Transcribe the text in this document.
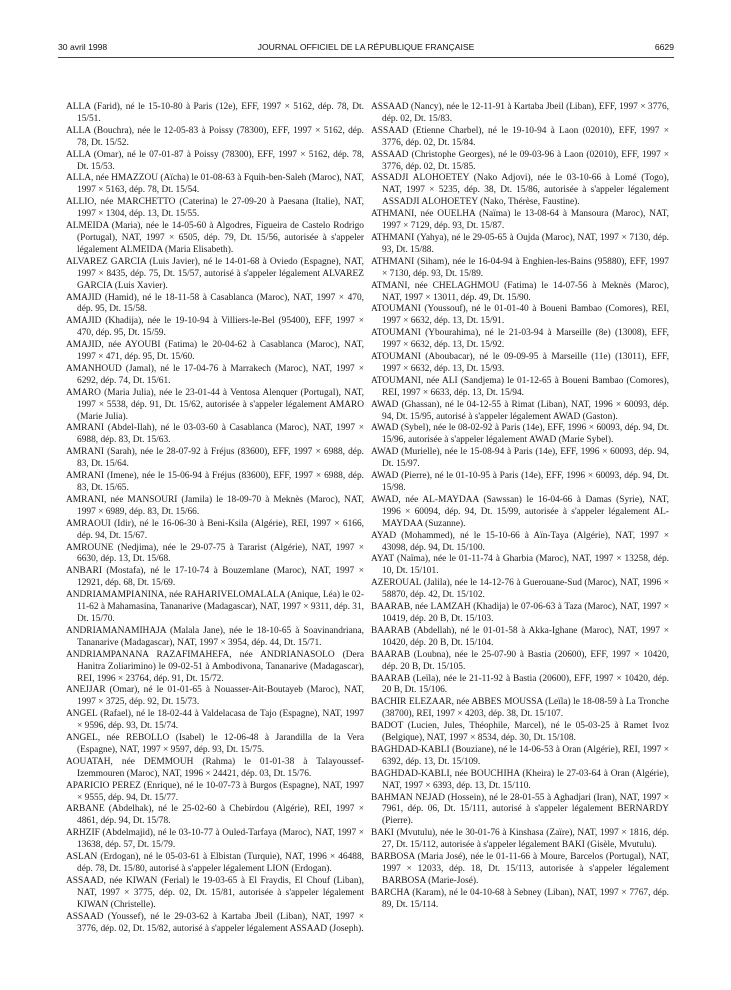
30 avril 1998	JOURNAL OFFICIEL DE LA RÉPUBLIQUE FRANÇAISE	6629

ALLA (Farid), né le 15-10-80 à Paris (12e), EFF, 1997 × 5162, dép. 78, Dt. 15/51.

ALLA (Bouchra), née le 12-05-83 à Poissy (78300), EFF, 1997 × 5162, dép. 78, Dt. 15/52.

ALLA (Omar), né le 07-01-87 à Poissy (78300), EFF, 1997 × 5162, dép. 78, Dt. 15/53.

ALLA, née HMAZZOU (Aïcha) le 01-08-63 à Fquih-ben-Saleh (Maroc), NAT, 1997 × 5163, dép. 78, Dt. 15/54.

ALLIO, née MARCHETTO (Caterina) le 27-09-20 à Paesana (Italie), NAT, 1997 × 1304, dép. 13, Dt. 15/55.

ALMEIDA (Maria), née le 14-05-60 à Algodres, Figueira de Castelo Rodrigo (Portugal), NAT, 1997 × 6505, dép. 79, Dt. 15/56, autorisée à s'appeler légalement ALMEIDA (Maria Elisabeth).

ALVAREZ GARCIA (Luis Javier), né le 14-01-68 à Oviedo (Espagne), NAT, 1997 × 8435, dép. 75, Dt. 15/57, autorisé à s'appeler légalement ALVAREZ GARCIA (Luis Xavier).

AMAJID (Hamid), né le 18-11-58 à Casablanca (Maroc), NAT, 1997 × 470, dép. 95, Dt. 15/58.

AMAJID (Khadija), née le 19-10-94 à Villiers-le-Bel (95400), EFF, 1997 × 470, dép. 95, Dt. 15/59.

AMAJID, née AYOUBI (Fatima) le 20-04-62 à Casablanca (Maroc), NAT, 1997 × 471, dép. 95, Dt. 15/60.

AMANHOUD (Jamal), né le 17-04-76 à Marrakech (Maroc), NAT, 1997 × 6292, dép. 74, Dt. 15/61.

AMARO (Maria Julia), née le 23-01-44 à Ventosa Alenquer (Portugal), NAT, 1997 × 5538, dép. 91, Dt. 15/62, autorisée à s'appeler légalement AMARO (Marie Julia).

AMRANI (Abdel-Ilah), né le 03-03-60 à Casablanca (Maroc), NAT, 1997 × 6988, dép. 83, Dt. 15/63.

AMRANI (Sarah), née le 28-07-92 à Fréjus (83600), EFF, 1997 × 6988, dép. 83, Dt. 15/64.

AMRANI (Imene), née le 15-06-94 à Fréjus (83600), EFF, 1997 × 6988, dép. 83, Dt. 15/65.

AMRANI, née MANSOURI (Jamila) le 18-09-70 à Meknès (Maroc), NAT, 1997 × 6989, dép. 83, Dt. 15/66.

AMRAOUI (Idir), né le 16-06-30 à Beni-Ksila (Algérie), REI, 1997 × 6166, dép. 94, Dt. 15/67.

AMROUNE (Nedjima), née le 29-07-75 à Tararist (Algérie), NAT, 1997 × 6630, dép. 13, Dt. 15/68.

ANBARI (Mostafa), né le 17-10-74 à Bouzemlane (Maroc), NAT, 1997 × 12921, dép. 68, Dt. 15/69.

ANDRIAMAMPIANINA, née RAHARIVELOMALALA (Anique, Léa) le 02-11-62 à Mahamasina, Tananarive (Madagascar), NAT, 1997 × 9311, dép. 31, Dt. 15/70.

ANDRIAMANAMIHAJA (Malala Jane), née le 18-10-65 à Soavinandriana, Tananarive (Madagascar), NAT, 1997 × 3954, dép. 44, Dt. 15/71.

ANDRIAMPANANA RAZAFIMAHEFA, née ANDRIANASOLO (Dera Hanitra Zoliarimino) le 09-02-51 à Ambodivona, Tananarive (Madagascar), REI, 1996 × 23764, dép. 91, Dt. 15/72.

ANEJJAR (Omar), né le 01-01-65 à Nouasser-Ait-Boutayeb (Maroc), NAT, 1997 × 3725, dép. 92, Dt. 15/73.

ANGEL (Rafael), né le 18-02-44 à Valdelacasa de Tajo (Espagne), NAT, 1997 × 9596, dép. 93, Dt. 15/74.

ANGEL, née REBOLLO (Isabel) le 12-06-48 à Jarandilla de la Vera (Espagne), NAT, 1997 × 9597, dép. 93, Dt. 15/75.

AOUATAH, née DEMMOUH (Rahma) le 01-01-38 à Talayoussef-Izemmouren (Maroc), NAT, 1996 × 24421, dép. 03, Dt. 15/76.

APARICIO PEREZ (Enrique), né le 10-07-73 à Burgos (Espagne), NAT, 1997 × 9555, dép. 94, Dt. 15/77.

ARBANE (Abdelhak), né le 25-02-60 à Chebirdou (Algérie), REI, 1997 × 4861, dép. 94, Dt. 15/78.

ARHZIF (Abdelmajid), né le 03-10-77 à Ouled-Tarfaya (Maroc), NAT, 1997 × 13638, dép. 57, Dt. 15/79.

ASLAN (Erdogan), né le 05-03-61 à Elbistan (Turquie), NAT, 1996 × 46488, dép. 78, Dt. 15/80, autorisé à s'appeler légalement LION (Erdogan).

ASSAAD, née KIWAN (Ferial) le 19-03-65 à El Fraydis, El Chouf (Liban), NAT, 1997 × 3775, dép. 02, Dt. 15/81, autorisée à s'appeler légalement KIWAN (Christelle).

ASSAAD (Youssef), né le 29-03-62 à Kartaba Jbeil (Liban), NAT, 1997 × 3776, dép. 02, Dt. 15/82, autorisé à s'appeler légalement ASSAAD (Joseph).

ASSAAD (Nancy), née le 12-11-91 à Kartaba Jbeil (Liban), EFF, 1997 × 3776, dép. 02, Dt. 15/83.

ASSAAD (Etienne Charbel), né le 19-10-94 à Laon (02010), EFF, 1997 × 3776, dép. 02, Dt. 15/84.

ASSAAD (Christophe Georges), né le 09-03-96 à Laon (02010), EFF, 1997 × 3776, dép. 02, Dt. 15/85.

ASSADJI ALOHOETEY (Nako Adjovi), née le 03-10-66 à Lomé (Togo), NAT, 1997 × 5235, dép. 38, Dt. 15/86, autorisée à s'appeler légalement ASSADJI ALOHOETEY (Nako, Thérèse, Faustine).

ATHMANI, née OUELHA (Naïma) le 13-08-64 à Mansoura (Maroc), NAT, 1997 × 7129, dép. 93, Dt. 15/87.

ATHMANI (Yahya), né le 29-05-65 à Oujda (Maroc), NAT, 1997 × 7130, dép. 93, Dt. 15/88.

ATHMANI (Siham), née le 16-04-94 à Enghien-les-Bains (95880), EFF, 1997 × 7130, dép. 93, Dt. 15/89.

ATMANI, née CHELAGHMOU (Fatima) le 14-07-56 à Meknès (Maroc), NAT, 1997 × 13011, dép. 49, Dt. 15/90.

ATOUMANI (Youssouf), né le 01-01-40 à Boueni Bambao (Comores), REI, 1997 × 6632, dép. 13, Dt. 15/91.

ATOUMANI (Ybourahima), né le 21-03-94 à Marseille (8e) (13008), EFF, 1997 × 6632, dép. 13, Dt. 15/92.

ATOUMANI (Aboubacar), né le 09-09-95 à Marseille (11e) (13011), EFF, 1997 × 6632, dép. 13, Dt. 15/93.

ATOUMANI, née ALI (Sandjema) le 01-12-65 à Boueni Bambao (Comores), REI, 1997 × 6633, dép. 13, Dt. 15/94.

AWAD (Ghassan), né le 04-12-55 à Rimat (Liban), NAT, 1996 × 60093, dép. 94, Dt. 15/95, autorisé à s'appeler légalement AWAD (Gaston).

AWAD (Sybel), née le 08-02-92 à Paris (14e), EFF, 1996 × 60093, dép. 94, Dt. 15/96, autorisée à s'appeler légalement AWAD (Marie Sybel).

AWAD (Murielle), née le 15-08-94 à Paris (14e), EFF, 1996 × 60093, dép. 94, Dt. 15/97.

AWAD (Pierre), né le 01-10-95 à Paris (14e), EFF, 1996 × 60093, dép. 94, Dt. 15/98.

AWAD, née AL-MAYDAA (Sawssan) le 16-04-66 à Damas (Syrie), NAT, 1996 × 60094, dép. 94, Dt. 15/99, autorisée à s'appeler légalement AL-MAYDAA (Suzanne).

AYAD (Mohammed), né le 15-10-66 à Aïn-Taya (Algérie), NAT, 1997 × 43098, dép. 94, Dt. 15/100.

AYAT (Naïma), née le 01-11-74 à Gharbia (Maroc), NAT, 1997 × 13258, dép. 10, Dt. 15/101.

AZEROUAL (Jalila), née le 14-12-76 à Guerouane-Sud (Maroc), NAT, 1996 × 58870, dép. 42, Dt. 15/102.

BAARAB, née LAMZAH (Khadija) le 07-06-63 à Taza (Maroc), NAT, 1997 × 10419, dép. 20 B, Dt. 15/103.

BAARAB (Abdellah), né le 01-01-58 à Akka-Ighane (Maroc), NAT, 1997 × 10420, dép. 20 B, Dt. 15/104.

BAARAB (Loubna), née le 25-07-90 à Bastia (20600), EFF, 1997 × 10420, dép. 20 B, Dt. 15/105.

BAARAB (Leïla), née le 21-11-92 à Bastia (20600), EFF, 1997 × 10420, dép. 20 B, Dt. 15/106.

BACHIR ELEZAAR, née ABBES MOUSSA (Leïla) le 18-08-59 à La Tronche (38700), REI, 1997 × 4203, dép. 38, Dt. 15/107.

BADOT (Lucien, Jules, Théophile, Marcel), né le 05-03-25 à Ramet Ivoz (Belgique), NAT, 1997 × 8534, dép. 30, Dt. 15/108.

BAGHDAD-KABLI (Bouziane), né le 14-06-53 à Oran (Algérie), REI, 1997 × 6392, dép. 13, Dt. 15/109.

BAGHDAD-KABLI, née BOUCHIHA (Kheira) le 27-03-64 à Oran (Algérie), NAT, 1997 × 6393, dép. 13, Dt. 15/110.

BAHMAN NEJAD (Hossein), né le 28-01-55 à Aghadjari (Iran), NAT, 1997 × 7961, dép. 06, Dt. 15/111, autorisé à s'appeler légalement BERNARDY (Pierre).

BAKI (Mvutulu), née le 30-01-76 à Kinshasa (Zaïre), NAT, 1997 × 1816, dép. 27, Dt. 15/112, autorisée à s'appeler légalement BAKI (Gisèle, Mvutulu).

BARBOSA (Maria José), née le 01-11-66 à Moure, Barcelos (Portugal), NAT, 1997 × 12033, dép. 18, Dt. 15/113, autorisée à s'appeler légalement BARBOSA (Marie-José).

BARCHA (Karam), né le 04-10-68 à Sebney (Liban), NAT, 1997 × 7767, dép. 89, Dt. 15/114.
